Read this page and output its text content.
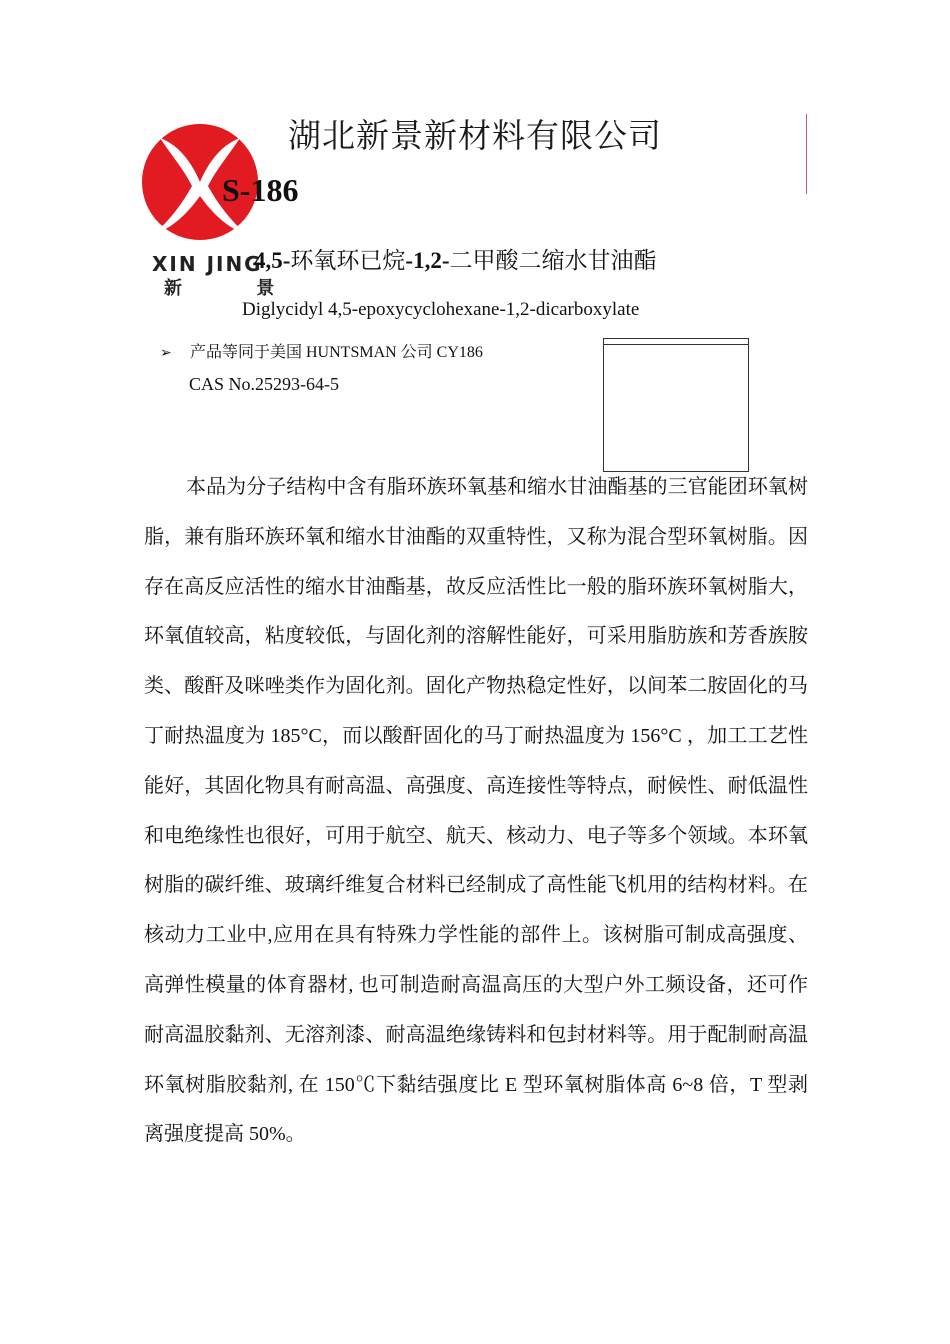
XIN JING
新 景
湖北新景新材料有限公司
S-186
4,5-环氧环已烷-1,2-二甲酸二缩水甘油酯
Diglycidyl 4,5-epoxycyclohexane-1,2-dicarboxylate
➢ 产品等同于美国 HUNTSMAN 公司 CY186
CAS No.25293-64-5
本品为分子结构中含有脂环族环氧基和缩水甘油酯基的三官能团环氧树脂，兼有脂环族环氧和缩水甘油酯的双重特性，又称为混合型环氧树脂。因存在高反应活性的缩水甘油酯基，故反应活性比一般的脂环族环氧树脂大，环氧值较高，粘度较低，与固化剂的溶解性能好，可采用脂肪族和芳香族胺类、酸酐及咪唑类作为固化剂。固化产物热稳定性好，以间苯二胺固化的马丁耐热温度为 185°C，而以酸酐固化的马丁耐热温度为 156°C ，加工工艺性能好，其固化物具有耐高温、高强度、高连接性等特点，耐候性、耐低温性和电绝缘性也很好，可用于航空、航天、核动力、电子等多个领域。本环氧树脂的碳纤维、玻璃纤维复合材料已经制成了高性能飞机用的结构材料。在核动力工业中,应用在具有特殊力学性能的部件上。该树脂可制成高强度、高弹性模量的体育器材, 也可制造耐高温高压的大型户外工频设备，还可作耐高温胶黏剂、无溶剂漆、耐高温绝缘铸料和包封材料等。用于配制耐高温环氧树脂胶黏剂, 在 150℃下黏结强度比 E 型环氧树脂体高 6~8 倍，T 型剥离强度提高 50%。
